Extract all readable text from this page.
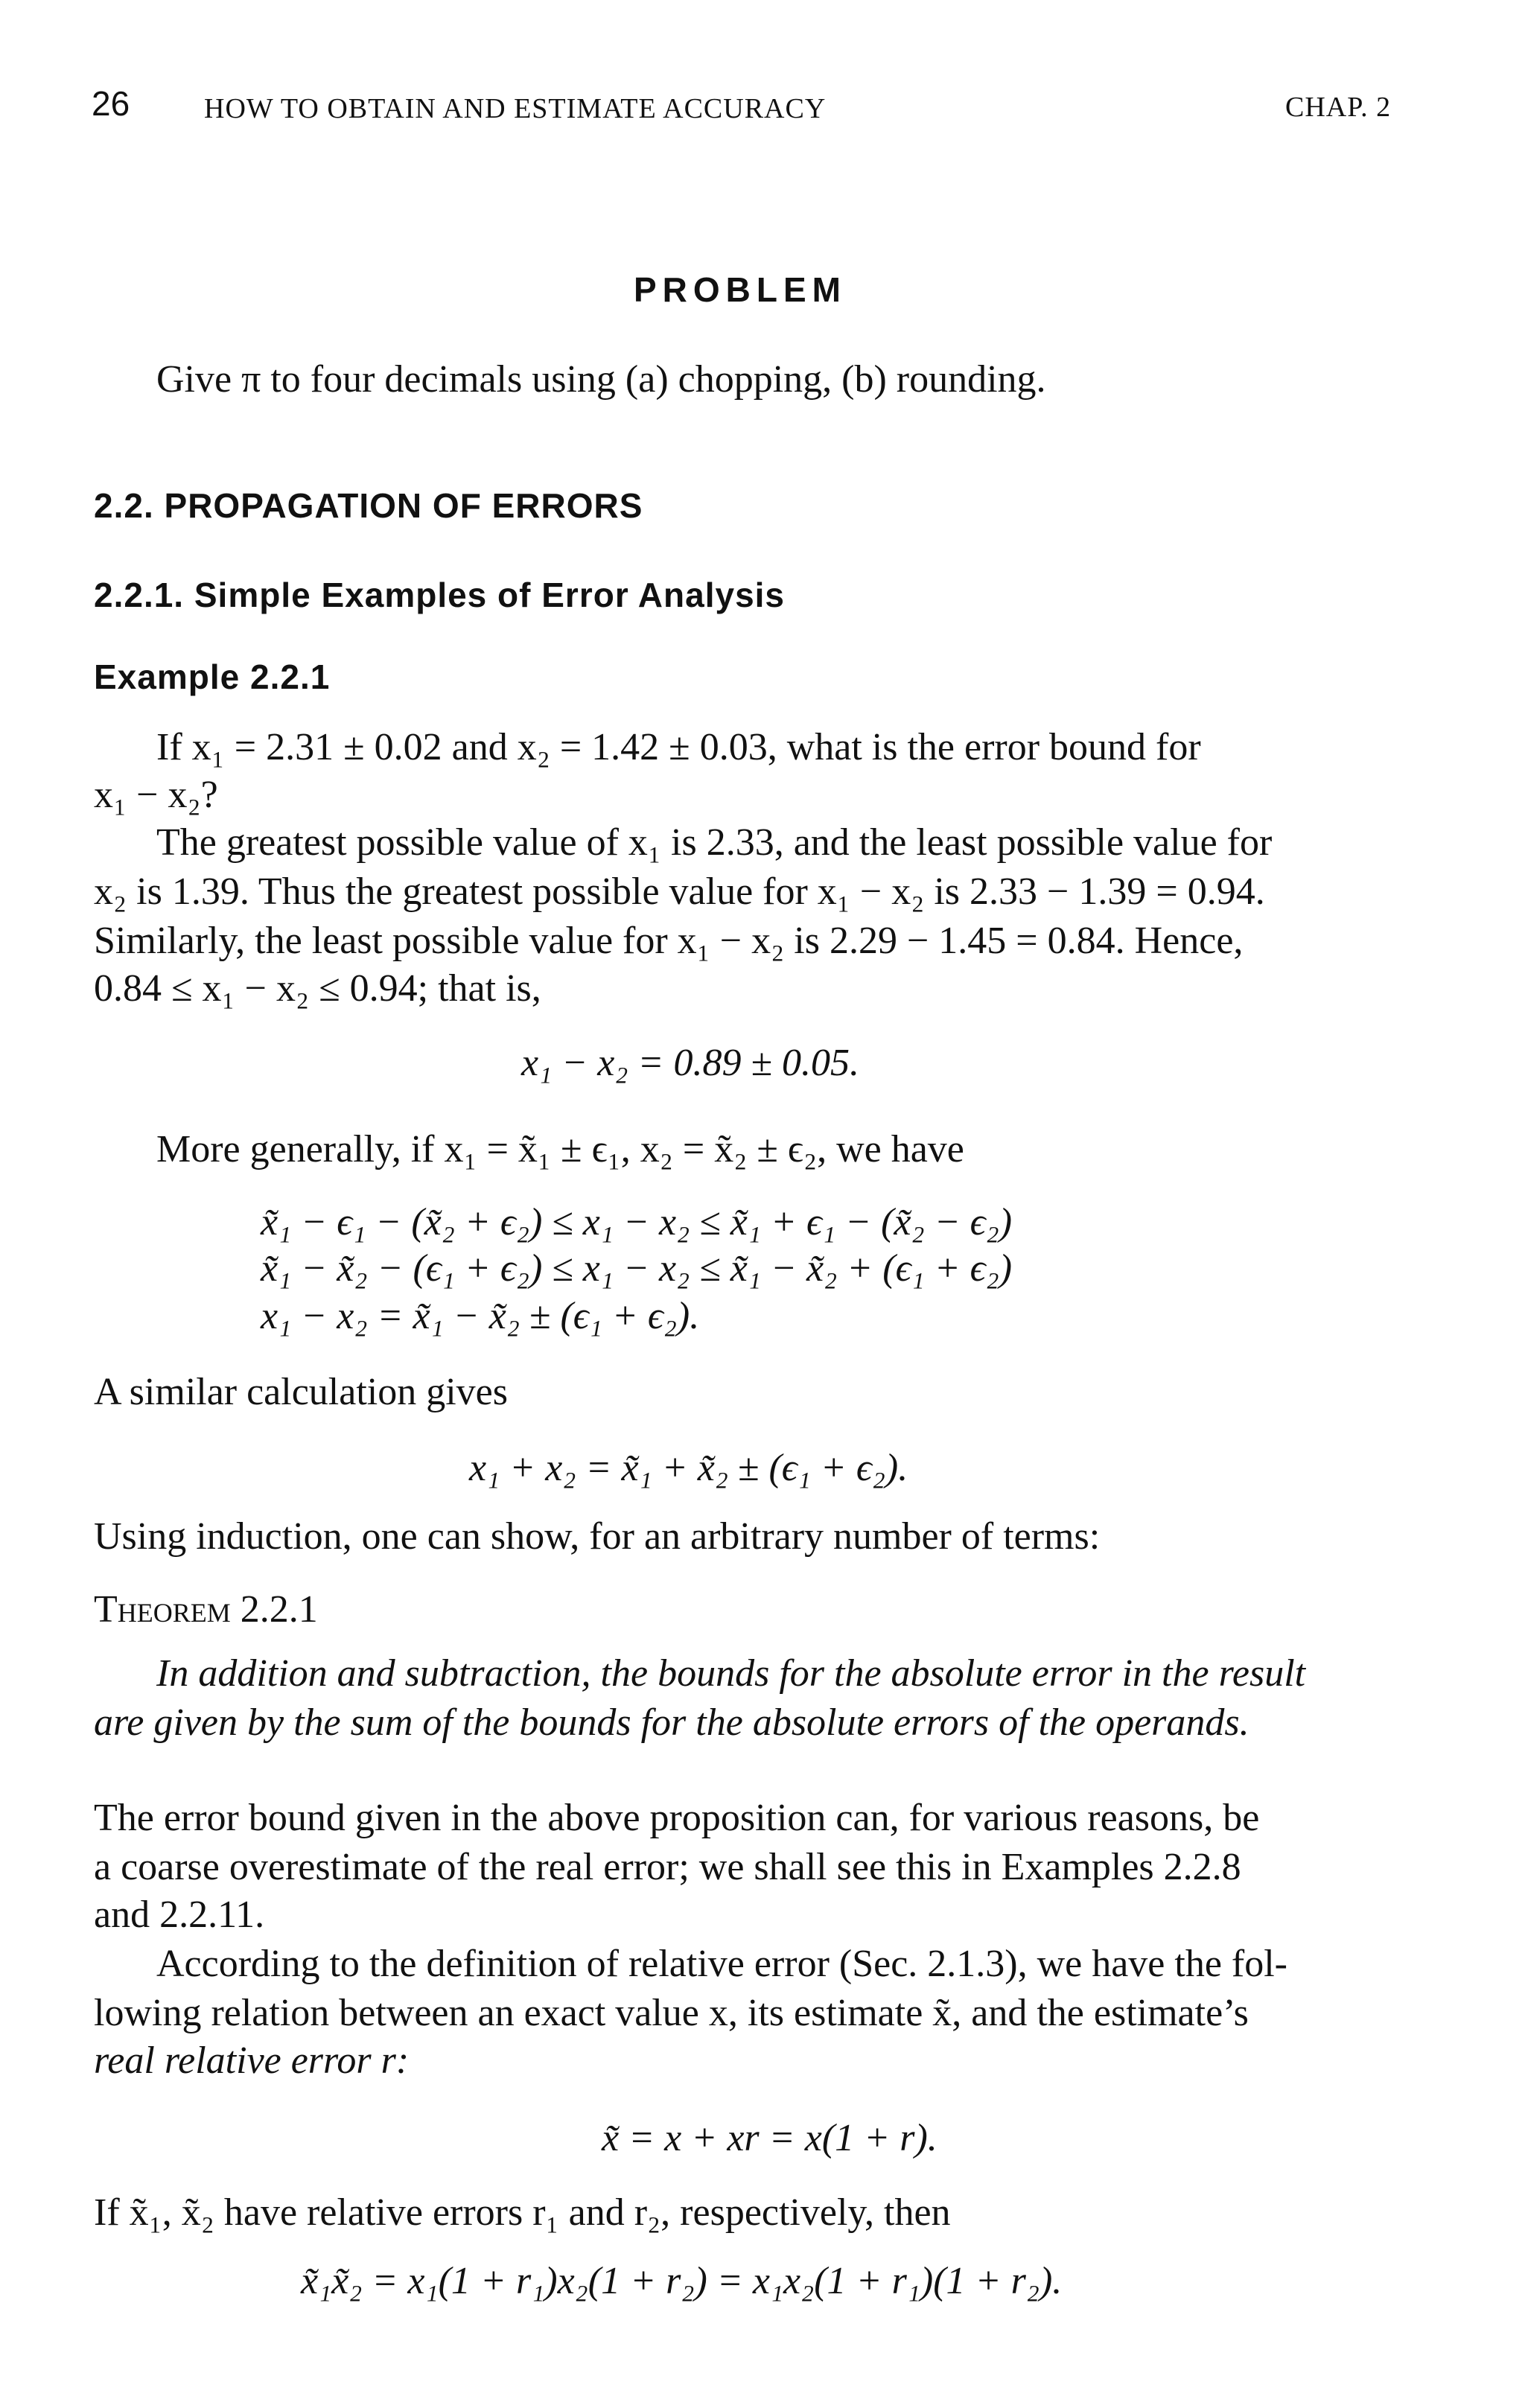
26	HOW TO OBTAIN AND ESTIMATE ACCURACY	CHAP. 2
PROBLEM
Give π to four decimals using (a) chopping, (b) rounding.
2.2. PROPAGATION OF ERRORS
2.2.1. Simple Examples of Error Analysis
Example 2.2.1
If x₁ = 2.31 ± 0.02 and x₂ = 1.42 ± 0.03, what is the error bound for
x₁ − x₂?
The greatest possible value of x₁ is 2.33, and the least possible value for
x₂ is 1.39. Thus the greatest possible value for x₁ − x₂ is 2.33 − 1.39 = 0.94.
Similarly, the least possible value for x₁ − x₂ is 2.29 − 1.45 = 0.84. Hence,
0.84 ≤ x₁ − x₂ ≤ 0.94; that is,
x₁ − x₂ = 0.89 ± 0.05.
More generally, if x₁ = x̃₁ ± ϵ₁, x₂ = x̃₂ ± ϵ₂, we have
x̃₁ − ϵ₁ − (x̃₂ + ϵ₂) ≤ x₁ − x₂ ≤ x̃₁ + ϵ₁ − (x̃₂ − ϵ₂)
x̃₁ − x̃₂ − (ϵ₁ + ϵ₂) ≤ x₁ − x₂ ≤ x̃₁ − x̃₂ + (ϵ₁ + ϵ₂)
x₁ − x₂ = x̃₁ − x̃₂ ± (ϵ₁ + ϵ₂).
A similar calculation gives
x₁ + x₂ = x̃₁ + x̃₂ ± (ϵ₁ + ϵ₂).
Using induction, one can show, for an arbitrary number of terms:
Theorem 2.2.1
In addition and subtraction, the bounds for the absolute error in the result
are given by the sum of the bounds for the absolute errors of the operands.
The error bound given in the above proposition can, for various reasons, be
a coarse overestimate of the real error; we shall see this in Examples 2.2.8
and 2.2.11.
According to the definition of relative error (Sec. 2.1.3), we have the fol-
lowing relation between an exact value x, its estimate x̃, and the estimate’s
real relative error r:
x̃ = x + xr = x(1 + r).
If x̃₁, x̃₂ have relative errors r₁ and r₂, respectively, then
x̃₁x̃₂ = x₁(1 + r₁)x₂(1 + r₂) = x₁x₂(1 + r₁)(1 + r₂).
